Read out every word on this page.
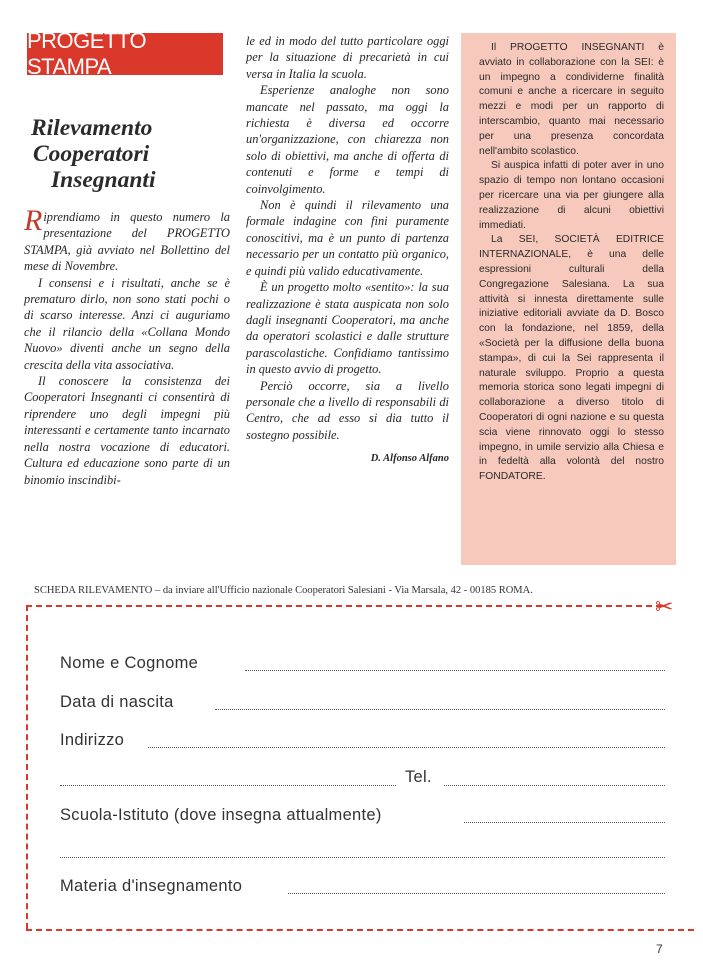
PROGETTO STAMPA
Rilevamento
Cooperatori
Insegnanti

Riprendiamo in questo numero la presentazione del PROGETTO STAMPA, già avviato nel Bollettino del mese di Novembre.

I consensi e i risultati, anche se è prematuro dirlo, non sono stati pochi o di scarso interesse. Anzi ci auguriamo che il rilancio della «Collana Mondo Nuovo» diventi anche un segno della crescita della vita associativa.

Il conoscere la consistenza dei Cooperatori Insegnanti ci consentirà di riprendere uno degli impegni più interessanti e certamente tanto incarnato nella nostra vocazione di educatori. Cultura ed educazione sono parte di un binomio inscindibi-

le ed in modo del tutto particolare oggi per la situazione di precarietà in cui versa in Italia la scuola.

Esperienze analoghe non sono mancate nel passato, ma oggi la richiesta è diversa ed occorre un'organizzazione, con chiarezza non solo di obiettivi, ma anche di offerta di contenuti e forme e tempi di coinvolgimento.

Non è quindi il rilevamento una formale indagine con fini puramente conoscitivi, ma è un punto di partenza necessario per un contatto più organico, e quindi più valido educativamente.

È un progetto molto «sentito»: la sua realizzazione è stata auspicata non solo dagli insegnanti Cooperatori, ma anche da operatori scolastici e dalle strutture parascolastiche. Confidiamo tantissimo in questo avvio di progetto.

Perciò occorre, sia a livello personale che a livello di responsabili di Centro, che ad esso si dia tutto il sostegno possibile.

D. Alfonso Alfano

Il PROGETTO INSEGNANTI è avviato in collaborazione con la SEI: è un impegno a condividerne finalità comuni e anche a ricercare in seguito mezzi e modi per un rapporto di interscambio, quanto mai necessario per una presenza concordata nell'ambito scolastico.

Si auspica infatti di poter aver in uno spazio di tempo non lontano occasioni per ricercare una via per giungere alla realizzazione di alcuni obiettivi immediati.

La SEI, SOCIETÀ EDITRICE INTERNAZIONALE, è una delle espressioni culturali della Congregazione Salesiana. La sua attività si innesta direttamente sulle iniziative editoriali avviate da D. Bosco con la fondazione, nel 1859, della «Società per la diffusione della buona stampa», di cui la Sei rappresenta il naturale sviluppo. Proprio a questa memoria storica sono legati impegni di collaborazione a diverso titolo di Cooperatori di ogni nazione e su questa scia viene rinnovato oggi lo stesso impegno, in umile servizio alla Chiesa e in fedeltà alla volontà del nostro FONDATORE.

SCHEDA RILEVAMENTO – da inviare all'Ufficio nazionale Cooperatori Salesiani - Via Marsala, 42 - 00185 ROMA.
✂
Nome e Cognome
Data di nascita
Indirizzo
Tel.
Scuola-Istituto (dove insegna attualmente)
Materia d'insegnamento
7
